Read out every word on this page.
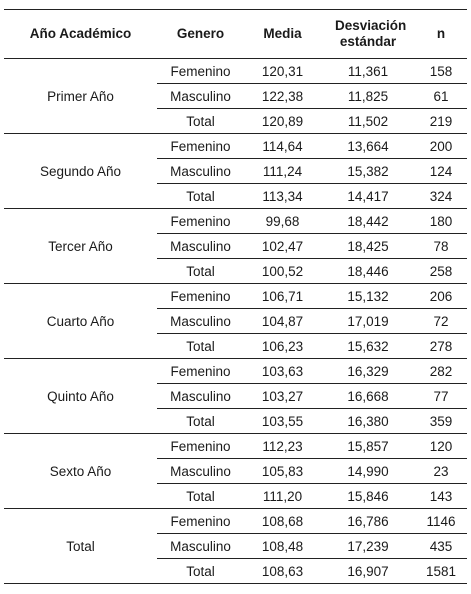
Año Académico	Genero	Media	Desviación estándar	n
Primer Año	Femenino	120,31	11,361	158
	Masculino	122,38	11,825	61
	Total	120,89	11,502	219
Segundo Año	Femenino	114,64	13,664	200
	Masculino	111,24	15,382	124
	Total	113,34	14,417	324
Tercer Año	Femenino	99,68	18,442	180
	Masculino	102,47	18,425	78
	Total	100,52	18,446	258
Cuarto Año	Femenino	106,71	15,132	206
	Masculino	104,87	17,019	72
	Total	106,23	15,632	278
Quinto Año	Femenino	103,63	16,329	282
	Masculino	103,27	16,668	77
	Total	103,55	16,380	359
Sexto Año	Femenino	112,23	15,857	120
	Masculino	105,83	14,990	23
	Total	111,20	15,846	143
Total	Femenino	108,68	16,786	1146
	Masculino	108,48	17,239	435
	Total	108,63	16,907	1581
